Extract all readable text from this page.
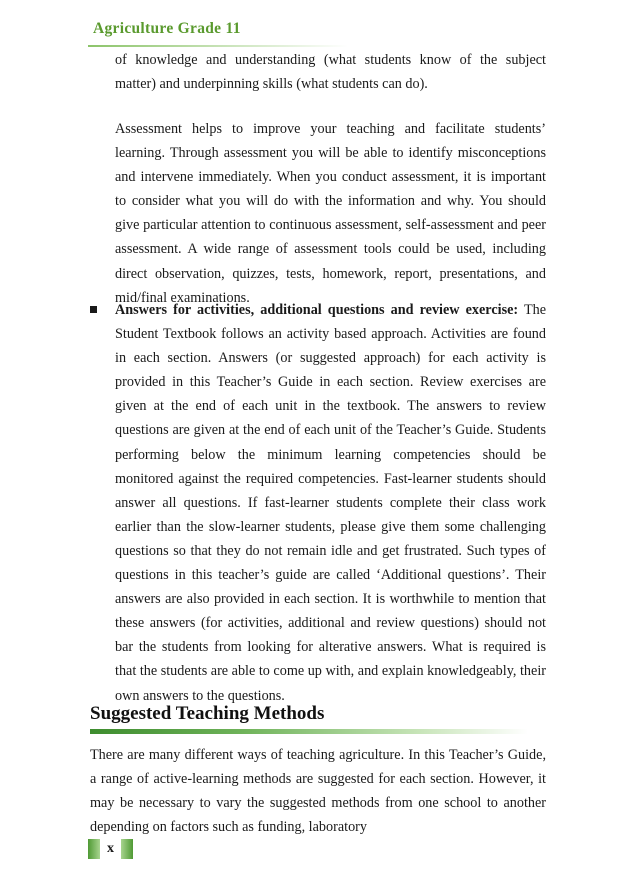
Agriculture Grade 11
of knowledge and understanding (what students know of the subject matter) and underpinning skills (what students can do).
Assessment helps to improve your teaching and facilitate students’ learning. Through assessment you will be able to identify misconceptions and intervene immediately. When you conduct assessment, it is important to consider what you will do with the information and why. You should give particular attention to continuous assessment, self-assessment and peer assessment. A wide range of assessment tools could be used, including direct observation, quizzes, tests, homework, report, presentations, and mid/final examinations.
Answers for activities, additional questions and review exercise: The Student Textbook follows an activity based approach. Activities are found in each section. Answers (or suggested approach) for each activity is provided in this Teacher’s Guide in each section. Review exercises are given at the end of each unit in the textbook. The answers to review questions are given at the end of each unit of the Teacher’s Guide. Students performing below the minimum learning competencies should be monitored against the required competencies. Fast-learner students should answer all questions. If fast-learner students complete their class work earlier than the slow-learner students, please give them some challenging questions so that they do not remain idle and get frustrated. Such types of questions in this teacher’s guide are called ‘Additional questions’. Their answers are also provided in each section. It is worthwhile to mention that these answers (for activities, additional and review questions) should not bar the students from looking for alterative answers. What is required is that the students are able to come up with, and explain knowledgeably, their own answers to the questions.
Suggested Teaching Methods
There are many different ways of teaching agriculture. In this Teacher’s Guide, a range of active-learning methods are suggested for each section. However, it may be necessary to vary the suggested methods from one school to another depending on factors such as funding, laboratory
x
